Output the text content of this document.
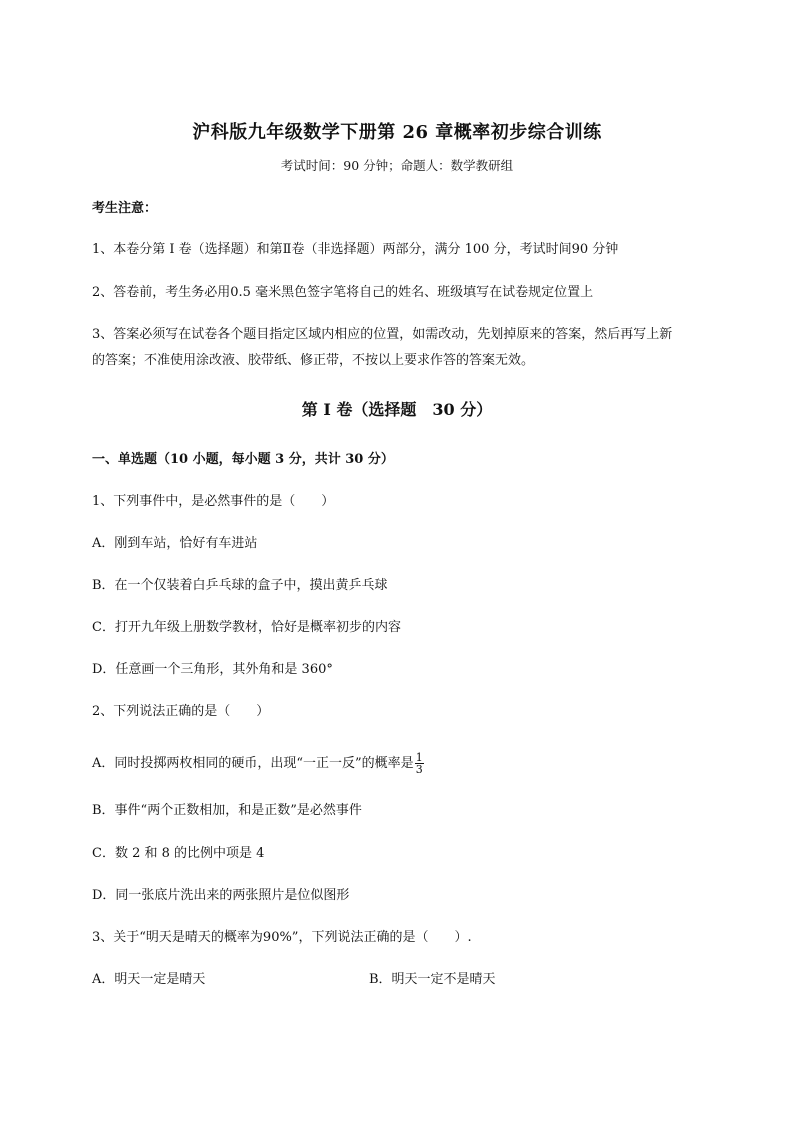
沪科版九年级数学下册第 26 章概率初步综合训练
考试时间：90 分钟；命题人：数学教研组
考生注意：
1、本卷分第 I 卷（选择题）和第Ⅱ卷（非选择题）两部分，满分 100 分，考试时间90 分钟
2、答卷前，考生务必用0.5 毫米黑色签字笔将自己的姓名、班级填写在试卷规定位置上
3、答案必须写在试卷各个题目指定区域内相应的位置，如需改动，先划掉原来的答案，然后再写上新
的答案；不准使用涂改液、胶带纸、修正带，不按以上要求作答的答案无效。
第 I 卷（选择题　30 分）
一、单选题（10 小题，每小题 3 分，共计 30 分）
1、下列事件中，是必然事件的是（　　）
A．刚到车站，恰好有车进站
B．在一个仅装着白乒乓球的盒子中，摸出黄乒乓球
C．打开九年级上册数学教材，恰好是概率初步的内容
D．任意画一个三角形，其外角和是 360°
2、下列说法正确的是（　　）
A．同时投掷两枚相同的硬币，出现“一正一反”的概率是 $\frac{1}{3}$
B．事件“两个正数相加，和是正数”是必然事件
C．数 2 和 8 的比例中项是 4
D．同一张底片洗出来的两张照片是位似图形
3、关于“明天是晴天的概率为90%”，下列说法正确的是（　　）.
A．明天一定是晴天	B．明天一定不是晴天
